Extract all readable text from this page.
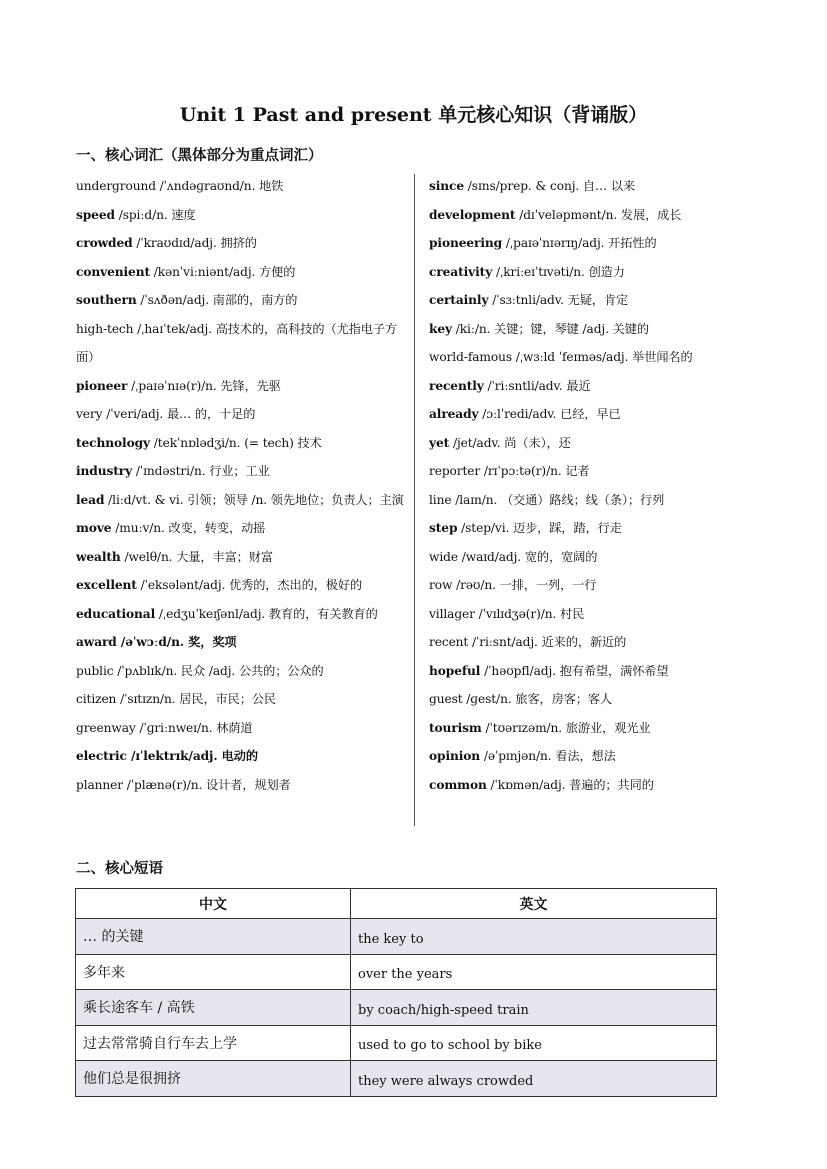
Unit 1 Past and present 单元核心知识（背诵版）
一、核心词汇（黑体部分为重点词汇）
underground /ˈʌndəɡraʊnd/n. 地铁
speed /spiːd/n. 速度
crowded /ˈkraʊdɪd/adj. 拥挤的
convenient /kənˈviːniənt/adj. 方便的
southern /ˈsʌðən/adj. 南部的，南方的
high-tech /ˌhaɪˈtek/adj. 高技术的，高科技的（尤指电子方面）
pioneer /ˌpaɪəˈnɪə(r)/n. 先锋，先驱
very /ˈveri/adj. 最… 的，十足的
technology /tekˈnɒlədʒi/n. (= tech) 技术
industry /ˈɪndəstri/n. 行业；工业
lead /liːd/vt. & vi. 引领；领导 /n. 领先地位；负责人；主演
move /muːv/n. 改变，转变，动摇
wealth /welθ/n. 大量，丰富；财富
excellent /ˈeksələnt/adj. 优秀的，杰出的，极好的
educational /ˌedʒuˈkeɪʃənl/adj. 教育的，有关教育的
award /əˈwɔːd/n. 奖，奖项
public /ˈpʌblɪk/n. 民众 /adj. 公共的；公众的
citizen /ˈsɪtɪzn/n. 居民，市民；公民
greenway /ˈɡriːnweɪ/n. 林荫道
electric /ɪˈlektrɪk/adj. 电动的
planner /ˈplænə(r)/n. 设计者，规划者
since /sɪns/prep. & conj. 自… 以来
development /dɪˈveləpmənt/n. 发展，成长
pioneering /ˌpaɪəˈnɪərɪŋ/adj. 开拓性的
creativity /ˌkriːeɪˈtɪvəti/n. 创造力
certainly /ˈsɜːtnli/adv. 无疑，肯定
key /kiː/n. 关键；键，琴键 /adj. 关键的
world-famous /ˌwɜːld ˈfeɪməs/adj. 举世闻名的
recently /ˈriːsntli/adv. 最近
already /ɔːlˈredi/adv. 已经，早已
yet /jet/adv. 尚（未），还
reporter /rɪˈpɔːtə(r)/n. 记者
line /laɪn/n. （交通）路线；线（条）；行列
step /step/vi. 迈步，踩，踏，行走
wide /waɪd/adj. 宽的，宽阔的
row /rəʊ/n. 一排，一列，一行
villager /ˈvɪlɪdʒə(r)/n. 村民
recent /ˈriːsnt/adj. 近来的，新近的
hopeful /ˈhəʊpfl/adj. 抱有希望，满怀希望
guest /ɡest/n. 旅客，房客；客人
tourism /ˈtʊərɪzəm/n. 旅游业，观光业
opinion /əˈpɪnjən/n. 看法，想法
common /ˈkɒmən/adj. 普遍的；共同的
二、核心短语
中文	英文
… 的关键	the key to
多年来	over the years
乘长途客车 / 高铁	by coach/high-speed train
过去常常骑自行车去上学	used to go to school by bike
他们总是很拥挤	they were always crowded
